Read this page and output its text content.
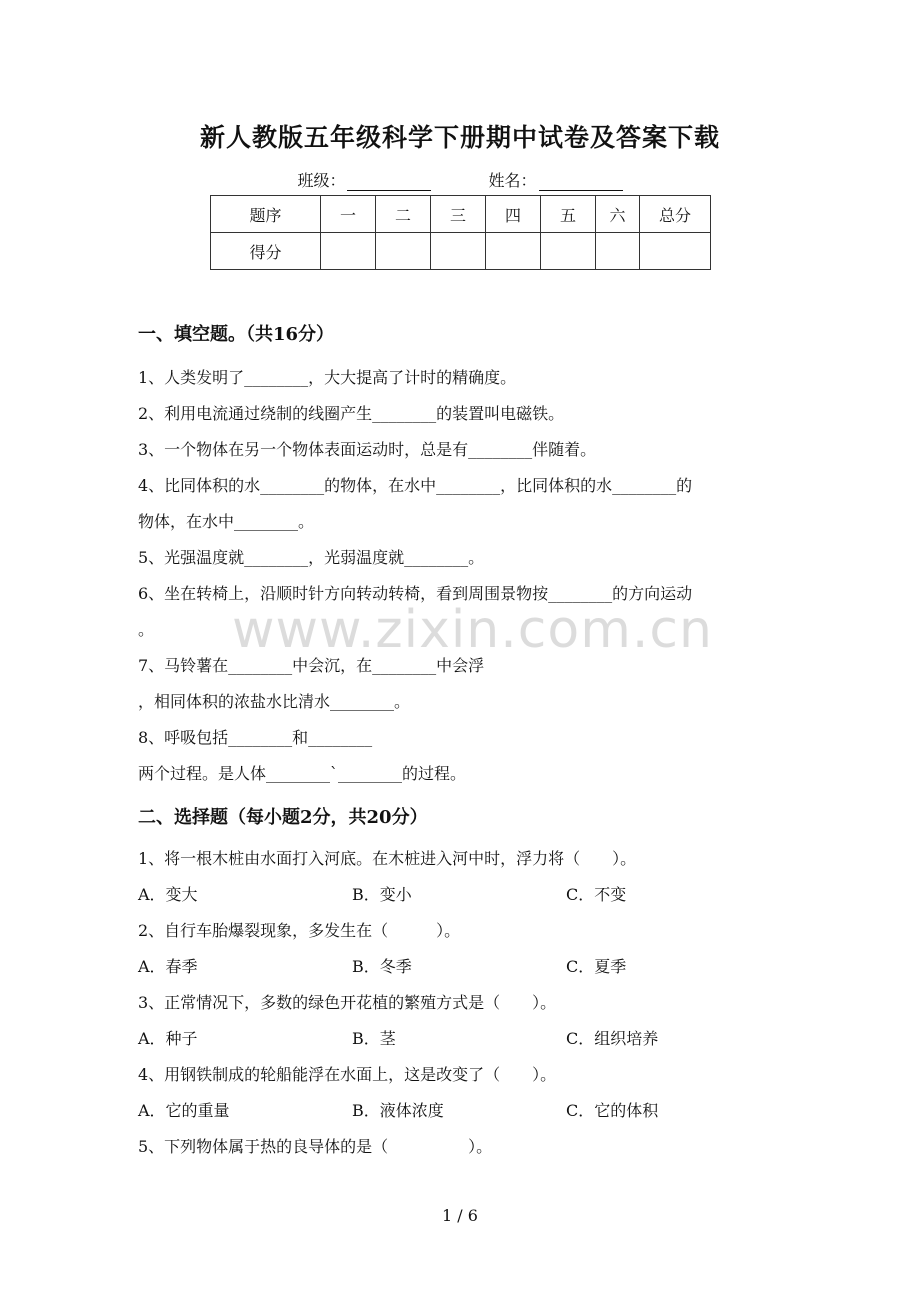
新人教版五年级科学下册期中试卷及答案下载
班级：	姓名：
题序	一	二	三	四	五	六	总分
得分							
一、填空题。（共16分）
1、人类发明了________，大大提高了计时的精确度。
2、利用电流通过绕制的线圈产生________的装置叫电磁铁。
3、一个物体在另一个物体表面运动时，总是有________伴随着。
4、比同体积的水________的物体，在水中________，比同体积的水________的
物体，在水中________。
5、光强温度就________，光弱温度就________。
6、坐在转椅上，沿顺时针方向转动转椅，看到周围景物按________的方向运动
。
7、马铃薯在________中会沉，在________中会浮
，相同体积的浓盐水比清水________。
8、呼吸包括________和________
两个过程。是人体________`________的过程。
二、选择题（每小题2分，共20分）
1、将一根木桩由水面打入河底。在木桩进入河中时，浮力将（　　）。
A．变大	B．变小	C．不变
2、自行车胎爆裂现象，多发生在（　　　）。
A．春季	B．冬季	C．夏季
3、正常情况下，多数的绿色开花植的繁殖方式是（　　）。
A．种子	B．茎	C．组织培养
4、用钢铁制成的轮船能浮在水面上，这是改变了（　　）。
A．它的重量	B．液体浓度	C．它的体积
5、下列物体属于热的良导体的是（　　　　　）。
www.zixin.com.cn
1 / 6
